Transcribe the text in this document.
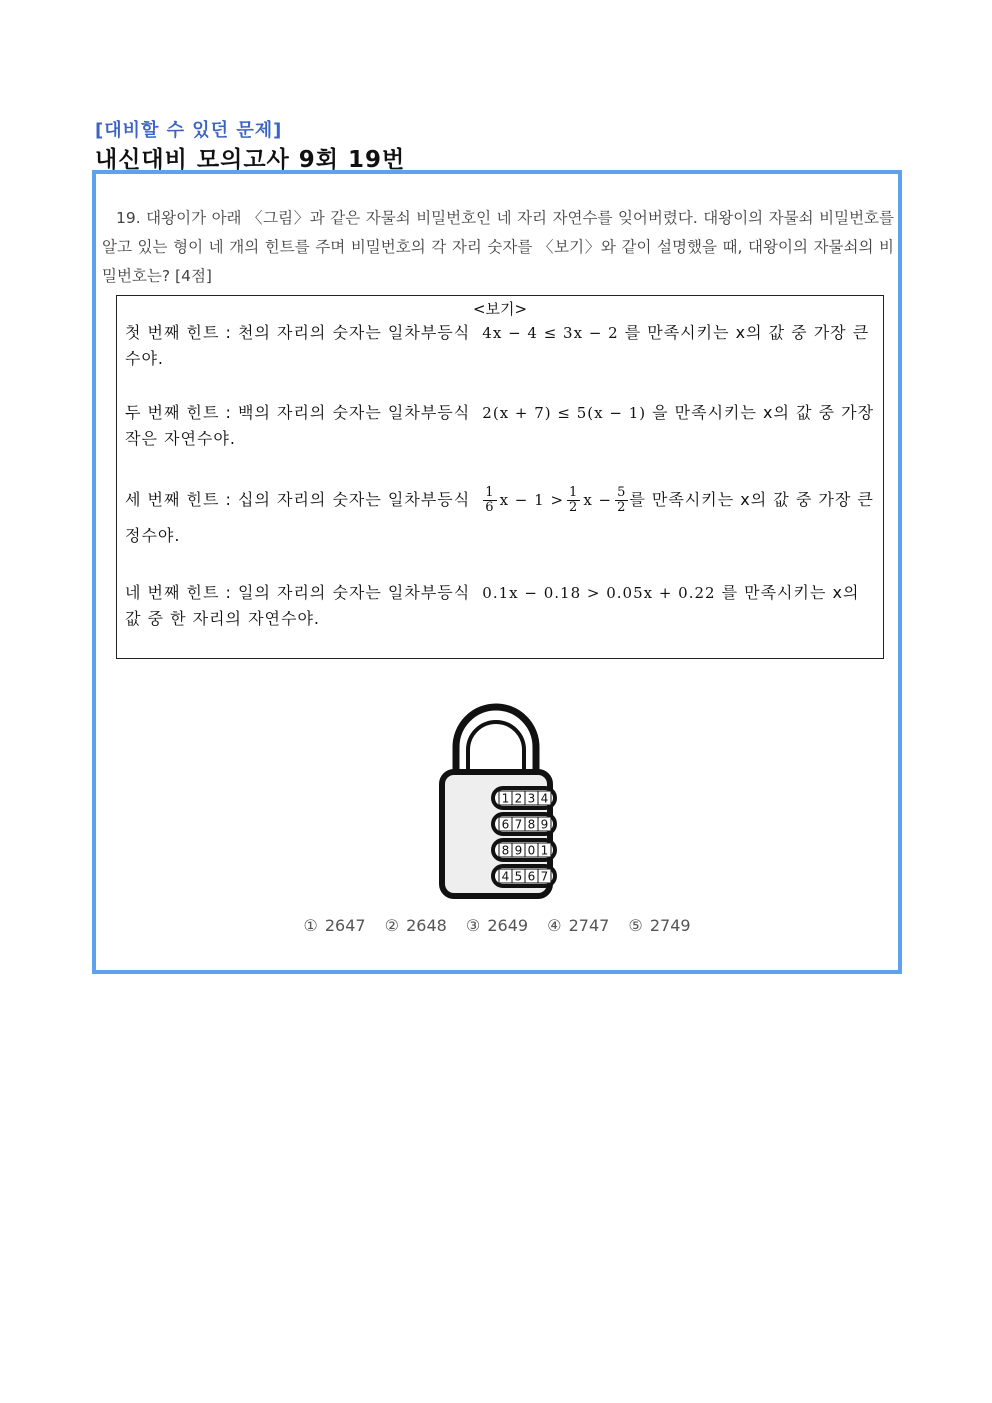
[대비할 수 있던 문제]
내신대비 모의고사 9회 19번
19. 대왕이가 아래 〈그림〉과 같은 자물쇠 비밀번호인 네 자리 자연수를 잊어버렸다. 대왕이의 자물쇠 비밀번호를 알고 있는 형이 네 개의 힌트를 주며 비밀번호의 각 자리 숫자를 〈보기〉와 같이 설명했을 때, 대왕이의 자물쇠의 비밀번호는? [4점]
<보기>
첫 번째 힌트 : 천의 자리의 숫자는 일차부등식 4x − 4 ≤ 3x − 2 를 만족시키는 x의 값 중 가장 큰 수야.
두 번째 힌트 : 백의 자리의 숫자는 일차부등식 2(x + 7) ≤ 5(x − 1) 을 만족시키는 x의 값 중 가장 작은 자연수야.
세 번째 힌트 : 십의 자리의 숫자는 일차부등식 $\frac{1}{6}$ $x - 1 > \frac{1}{2}$ $x - \frac{5}{2}$ 를 만족시키는 x의 값 중 가장 큰 정수야.
네 번째 힌트 : 일의 자리의 숫자는 일차부등식 0.1x − 0.18 > 0.05x + 0.22 를 만족시키는 x의 값 중 한 자리의 자연수야.
1 2 3 4
6 7 8 9
8 9 0 1
4 5 6 7
① 2647 ② 2648 ③ 2649 ④ 2747 ⑤ 2749
